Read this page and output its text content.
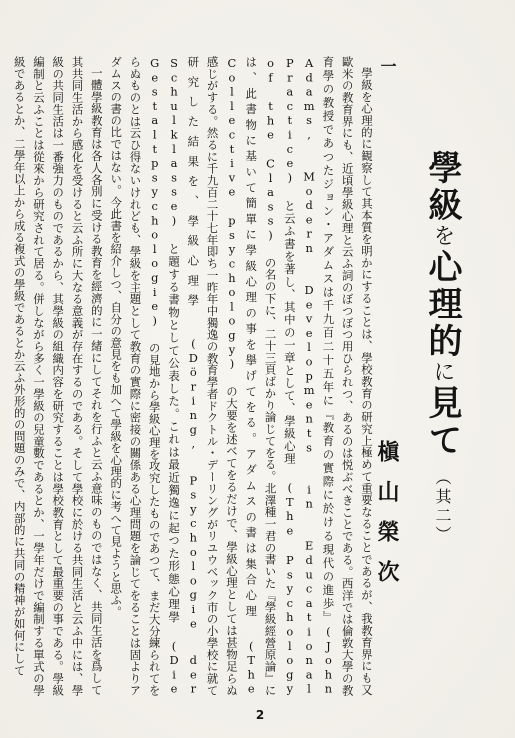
學級を心理的に見て（其二）
槇山榮次
一

學級を心理的に観察して其本質を明かにすることは、學校教育の研究上極めて重要なることであるが、我教育界にも又歐米の教育界にも、近頃學級心理と云ふ詞のぼつぼつ用ひられつ、あるのは悦ぶべきことである。西洋では倫敦大學の教育學の教授であつたジョン・アダムスは千九百二十五年に『教育の實際に於ける現代の進歩』(John Adams, Modern Developments in Educational Practice) と云ふ書を著し、其中の一章として、學級心理 (The Psychology of the Class) の名の下に、二十三頁ばかり論じてをる。北澤種一君の書いた『學級經營原論』には、此書物に基いて簡單に學級心理の事を擧げてをる。アダムスの書は集合心理 (The Collective psychology) の大要を述べてをるだけで、學級心理としては甚物足らぬ感じがする。然るに千九百二十七年即ち一昨年中獨逸の教育學者ドクトル・デーリングがリユウベック市の小學校に就て研究した結果を、學級心理學 (Döring, Psychologie der Schulklasse) と題する書物として公表した。これは最近獨逸に起つた形態心理學 (Die Gestaltpsychologie) の見地から學級心理を攻究したものであつて、まだ大分練られてをらぬものとは云ひ得ないけれども、學級を主題として教育の實際に密接の關係ある心理問題を論じてをることは固よりアダムスの書の比ではない。今此書を紹介しつ、自分の意見をも加へて學級を心理的に考へて見ようと思ふ。

一體學級教育は各人各別に受ける教育を經濟的に一緒にしてそれを行ふと云ふ意味のものではなく、共同生活を爲して其共同生活から感化を受けると云ふ所に大なる意義が存在するのである。そして學校に於ける共同生活と云ふ中には、學級の共同生活は一番強力のものであるから、其學級の組織内容を研究することは學校教育として最重要の事である。學級編制と云ふことは從來から研究されて居る。併しながら多く一學級の兒童數であるとか、一學年だけで編制する單式の學級であるとか、二學年以上から成る複式の學級であるとか云ふ外形的の問題のみで、内部的に共同の精神が如何にして

2
